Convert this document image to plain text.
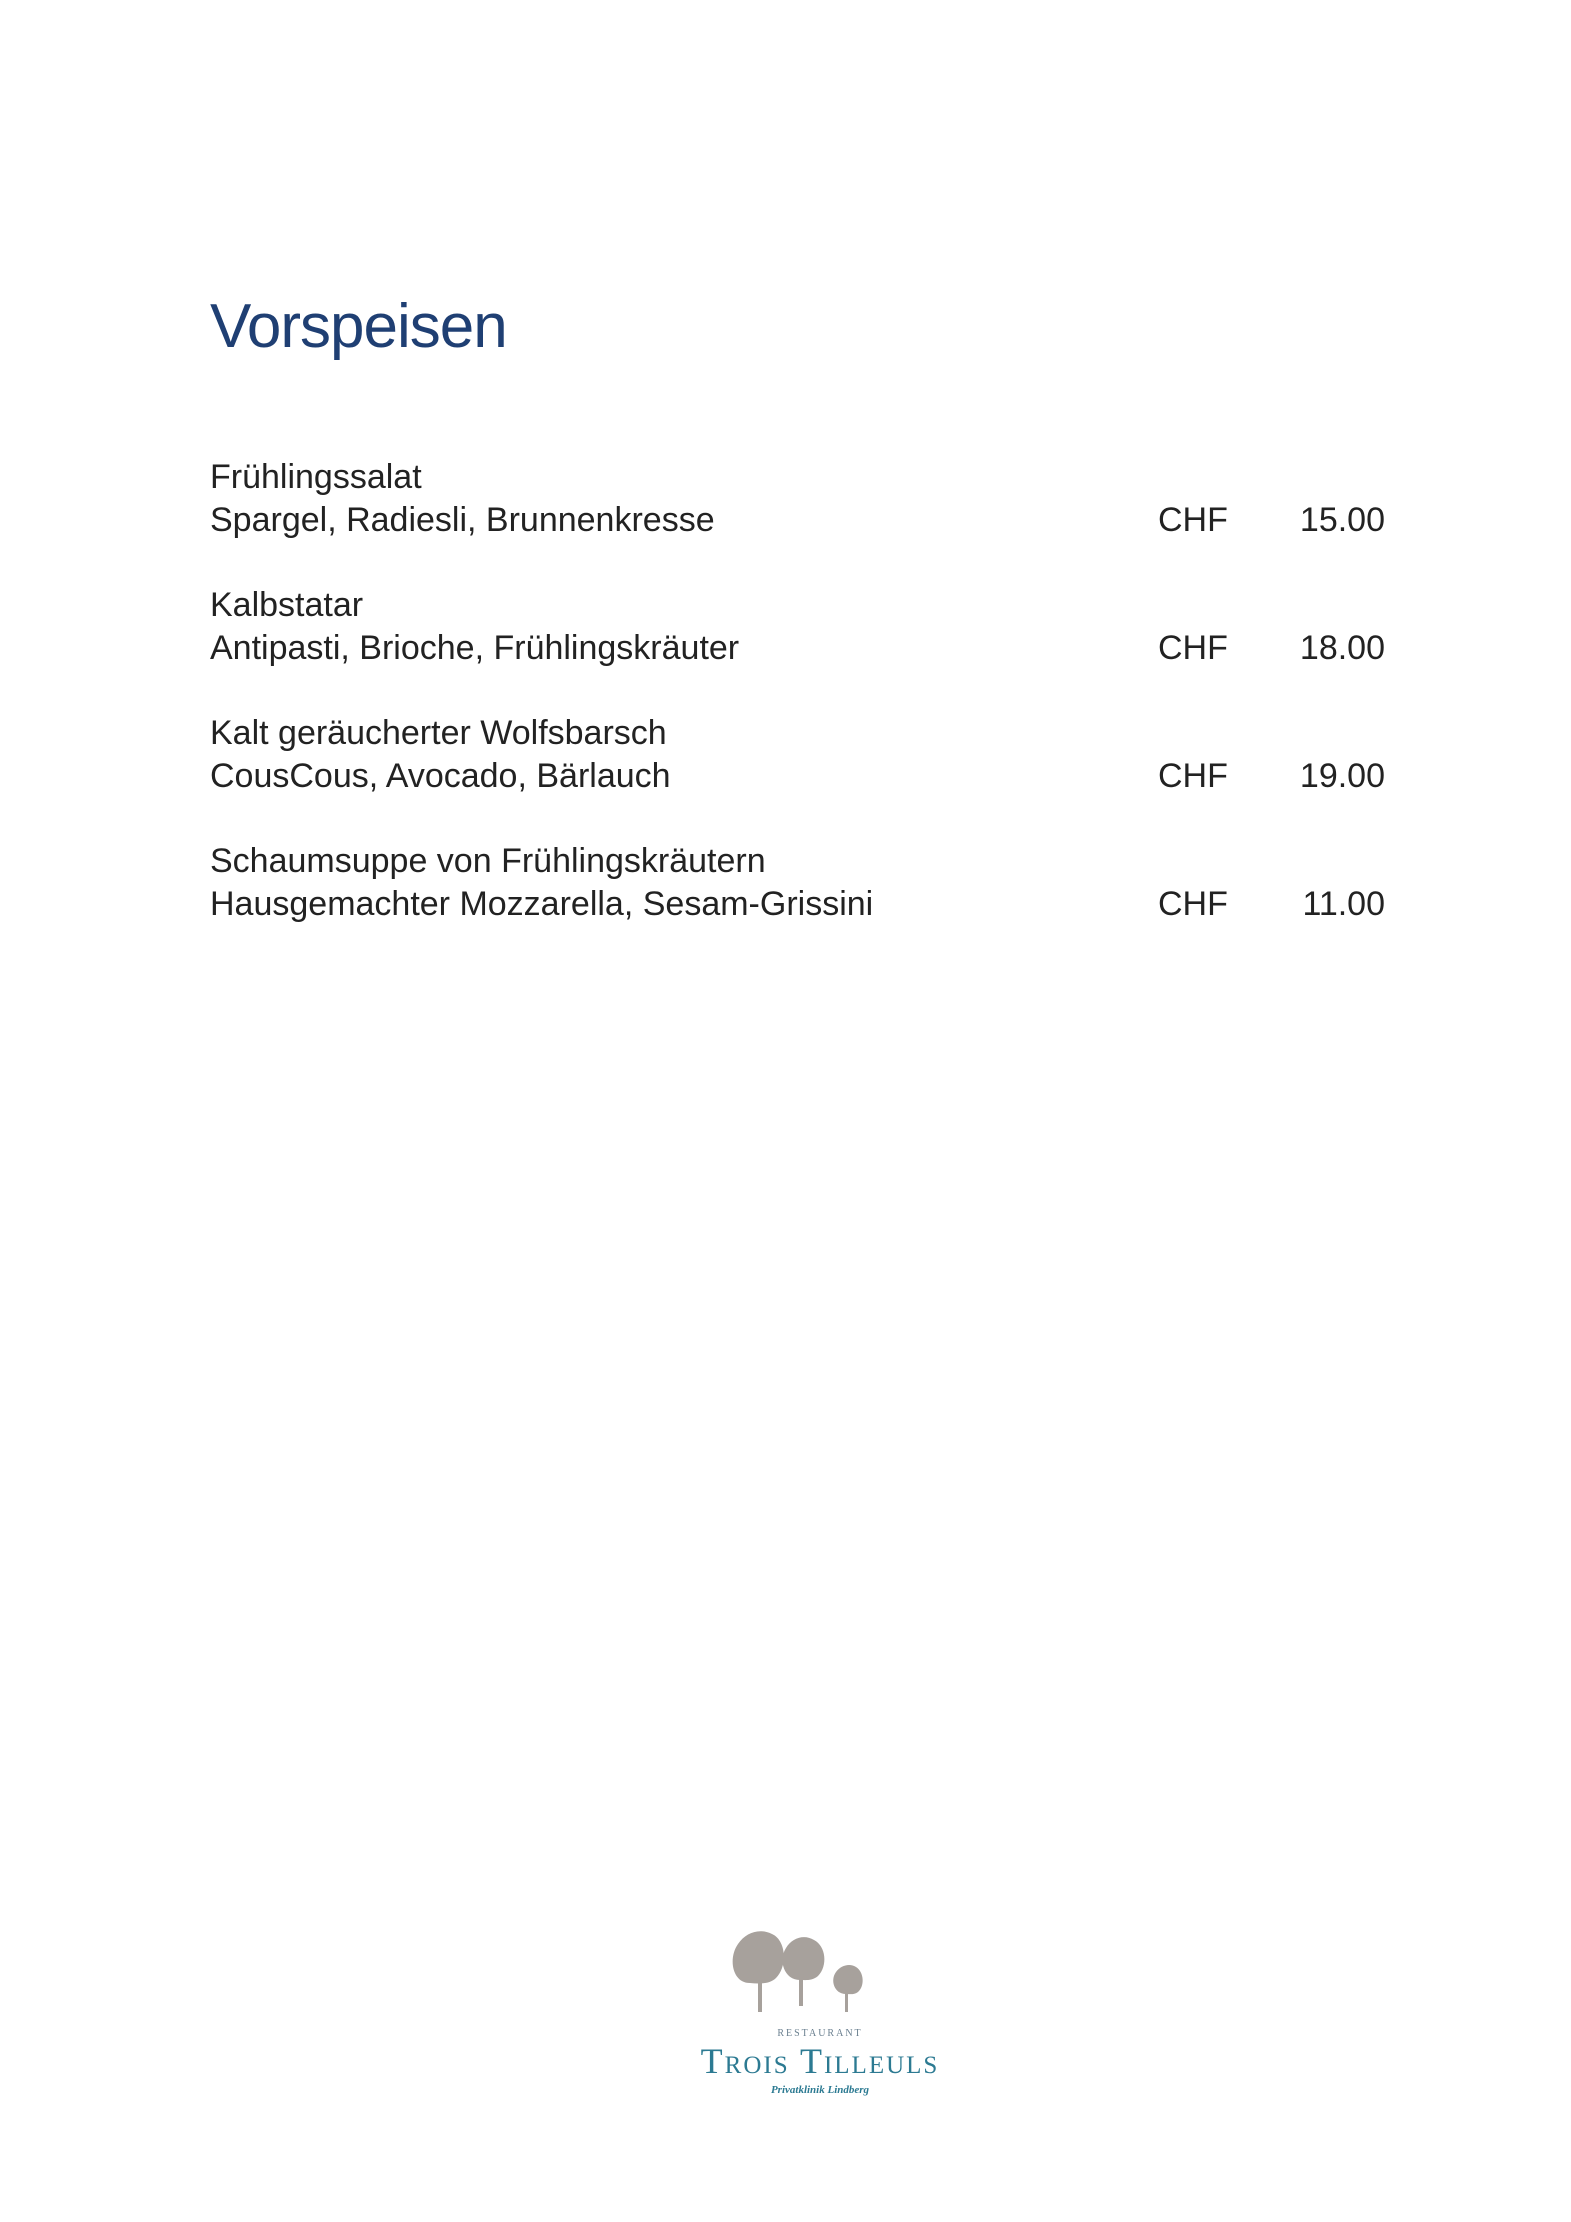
Vorspeisen
Frühlingssalat
Spargel, Radiesli, Brunnenkresse	CHF 15.00
Kalbstatar
Antipasti, Brioche, Frühlingskräuter	CHF 18.00
Kalt geräucherter Wolfsbarsch
CousCous, Avocado, Bärlauch	CHF 19.00
Schaumsuppe von Frühlingskräutern
Hausgemachter Mozzarella, Sesam-Grissini	CHF 11.00
RESTAURANT
Trois Tilleuls
Privatklinik Lindberg
